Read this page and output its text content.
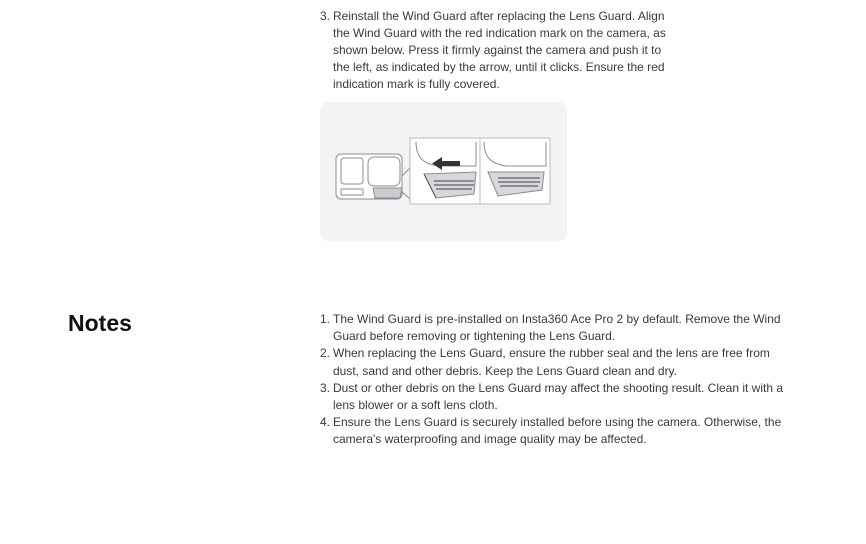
3. Reinstall the Wind Guard after replacing the Lens Guard. Align the Wind Guard with the red indication mark on the camera, as shown below. Press it firmly against the camera and push it to the left, as indicated by the arrow, until it clicks. Ensure the red indication mark is fully covered.
Notes	1. The Wind Guard is pre-installed on Insta360 Ace Pro 2 by default. Remove the Wind Guard before removing or tightening the Lens Guard.
2. When replacing the Lens Guard, ensure the rubber seal and the lens are free from dust, sand and other debris. Keep the Lens Guard clean and dry.
3. Dust or other debris on the Lens Guard may affect the shooting result. Clean it with a lens blower or a soft lens cloth.
4. Ensure the Lens Guard is securely installed before using the camera. Otherwise, the camera's waterproofing and image quality may be affected.
